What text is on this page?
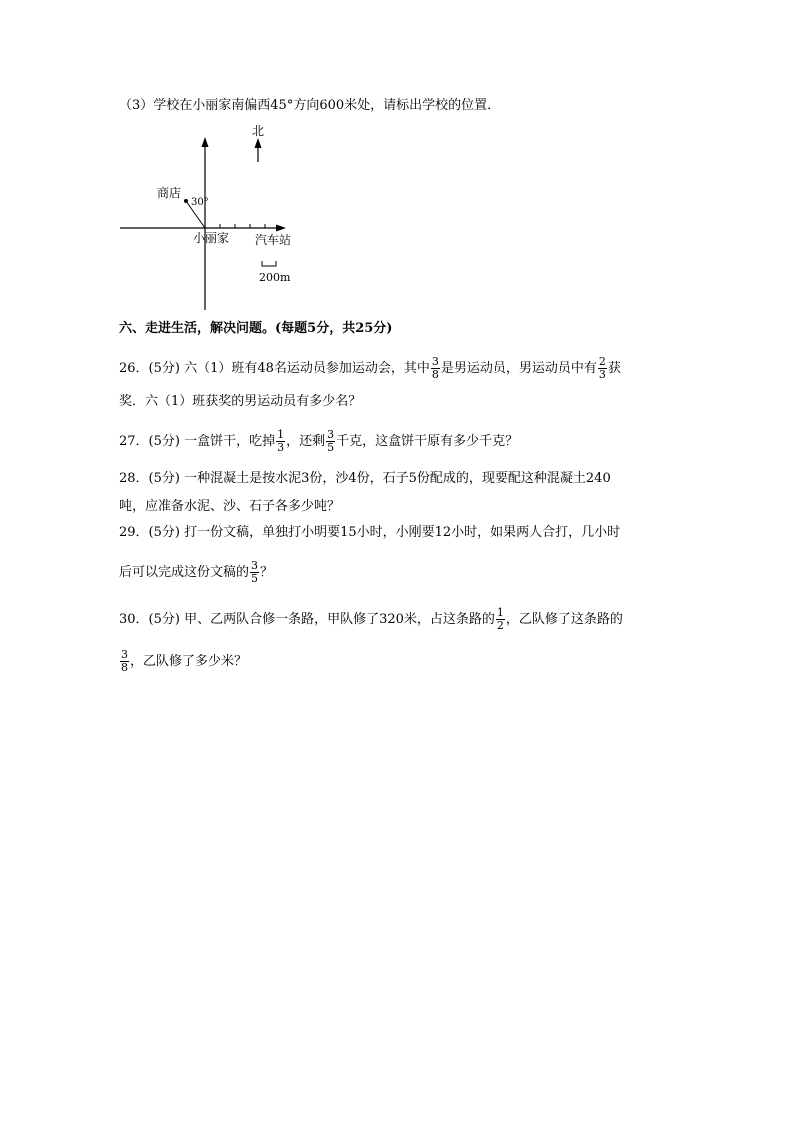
（3）学校在小丽家南偏西45°方向600米处，请标出学校的位置．
北
商店
30°
小丽家 汽车站
200m
六、走进生活，解决问题。(每题5分，共25分)
26．(5分) 六（1）班有48名运动员参加运动会，其中 $\frac{3}{8}$ 是男运动员，男运动员中有 $\frac{2}{3}$ 获
奖．六（1）班获奖的男运动员有多少名？
27．(5分) 一盒饼干，吃掉 $\frac{1}{3}$ ，还剩 $\frac{3}{5}$ 千克，这盒饼干原有多少千克？
28．(5分) 一种混凝土是按水泥3份，沙4份，石子5份配成的，现要配这种混凝土240
吨，应准备水泥、沙、石子各多少吨？
29．(5分) 打一份文稿，单独打小明要15小时，小刚要12小时，如果两人合打，几小时
后可以完成这份文稿的 $\frac{3}{5}$ ？
30．(5分) 甲、乙两队合修一条路，甲队修了320米，占这条路的 $\frac{1}{2}$ ，乙队修了这条路的
$\frac{3}{8}$ ，乙队修了多少米？
